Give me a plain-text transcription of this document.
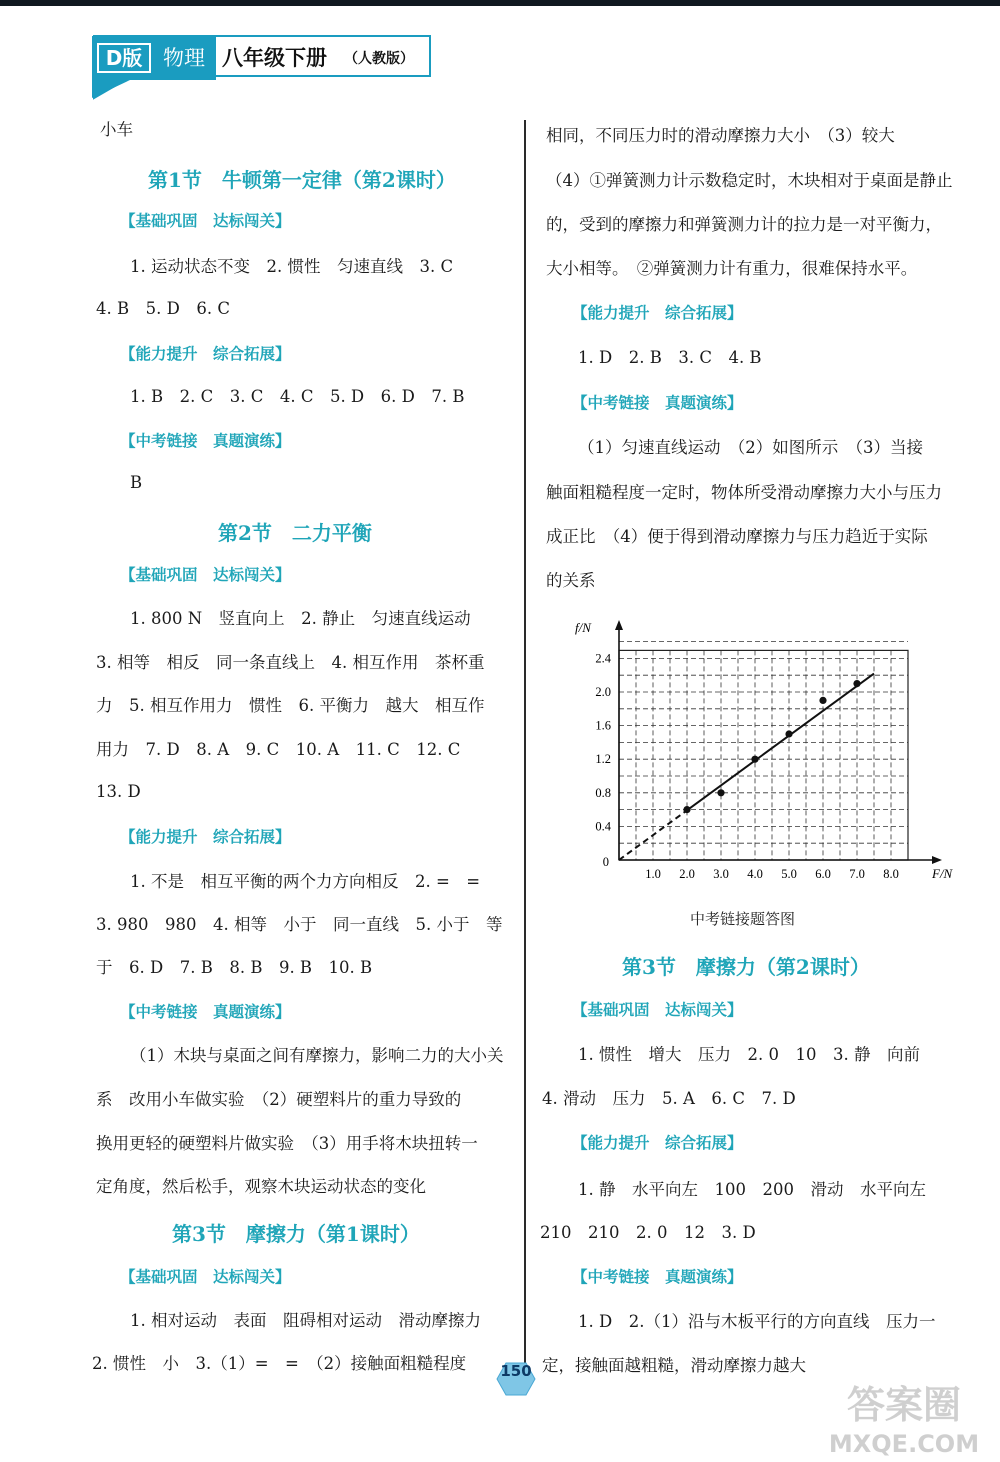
D版 物理 八年级下册	（人教版）
小车
第1节　牛顿第一定律（第2课时）
【基础巩固　达标闯关】
1. 运动状态不变　2. 惯性　匀速直线　3. C
4. B　5. D　6. C
【能力提升　综合拓展】
1. B　2. C　3. C　4. C　5. D　6. D　7. B
【中考链接　真题演练】
B
第2节　二力平衡
【基础巩固　达标闯关】
1. 800 N　竖直向上　2. 静止　匀速直线运动
3. 相等　相反　同一条直线上　4. 相互作用　茶杯重
力　5. 相互作用力　惯性　6. 平衡力　越大　相互作
用力　7. D　8. A　9. C　10. A　11. C　12. C
13. D
【能力提升　综合拓展】
1. 不是　相互平衡的两个力方向相反　2. =　=
3. 980　980　4. 相等　小于　同一直线　5. 小于　等
于　6. D　7. B　8. B　9. B　10. B
【中考链接　真题演练】
（1）木块与桌面之间有摩擦力，影响二力的大小关
系　改用小车做实验　（2）硬塑料片的重力导致的
换用更轻的硬塑料片做实验　（3）用手将木块扭转一
定角度，然后松手，观察木块运动状态的变化
第3节　摩擦力（第1课时）
【基础巩固　达标闯关】
1. 相对运动　表面　阻碍相对运动　滑动摩擦力
2. 惯性　小　3.（1）=　=　（2）接触面粗糙程度
相同，不同压力时的滑动摩擦力大小　（3）较大
（4）①弹簧测力计示数稳定时，木块相对于桌面是静止
的，受到的摩擦力和弹簧测力计的拉力是一对平衡力，
大小相等。　②弹簧测力计有重力，很难保持水平。
【能力提升　综合拓展】
1. D　2. B　3. C　4. B
【中考链接　真题演练】
（1）匀速直线运动　（2）如图所示　（3）当接
触面粗糙程度一定时，物体所受滑动摩擦力大小与压力
成正比　（4）便于得到滑动摩擦力与压力趋近于实际
的关系
第3节　摩擦力（第2课时）
【基础巩固　达标闯关】
1. 惯性　增大　压力　2. 0　10　3. 静　向前
4. 滑动　压力　5. A　6. C　7. D
【能力提升　综合拓展】
1. 静　水平向左　100　200　滑动　水平向左
210　210　2. 0　12　3. D
【中考链接　真题演练】
1. D　2.（1）沿与木板平行的方向直线　压力一
定，接触面越粗糙，滑动摩擦力越大
1.0 2.0 3.0 4.0 5.0 6.0 7.0 8.0
0.4
0.8
1.2
1.6
2.0
2.4
0
F/N
f/N
中考链接题答图
150
答案圈
MXQE.COM
